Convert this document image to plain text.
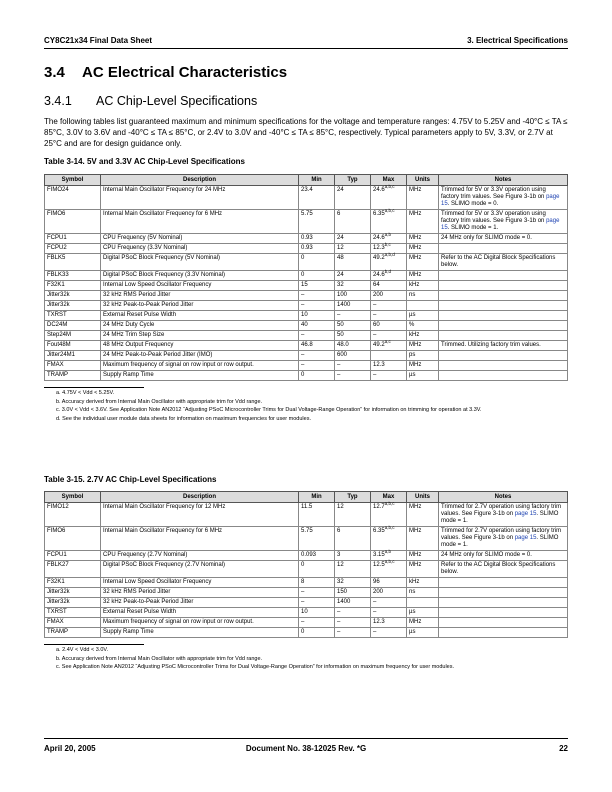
CY8C21x34 Final Data Sheet	3. Electrical Specifications
3.4 AC Electrical Characteristics
3.4.1 AC Chip-Level Specifications
The following tables list guaranteed maximum and minimum specifications for the voltage and temperature ranges: 4.75V to 5.25V and -40°C ≤ TA ≤ 85°C, 3.0V to 3.6V and -40°C ≤ TA ≤ 85°C, or 2.4V to 3.0V and -40°C ≤ TA ≤ 85°C, respectively. Typical parameters apply to 5V, 3.3V, or 2.7V at 25°C and are for design guidance only.
Table 3-14. 5V and 3.3V AC Chip-Level Specifications
Symbol	Description	Min	Typ	Max	Units	Notes
FIMO24	Internal Main Oscillator Frequency for 24 MHz	23.4	24	24.6$^{a,b,c}$	MHz	Trimmed for 5V or 3.3V operation using factory trim values. See Figure 3-1b on page 15. SLIMO mode = 0.
FIMO6	Internal Main Oscillator Frequency for 6 MHz	5.75	6	6.35$^{a,b,c}$	MHz	Trimmed for 5V or 3.3V operation using factory trim values. See Figure 3-1b on page 15. SLIMO mode = 1.
FCPU1	CPU Frequency (5V Nominal)	0.93	24	24.6$^{a,b}$	MHz	24 MHz only for SLIMO mode = 0.
FCPU2	CPU Frequency (3.3V Nominal)	0.93	12	12.3$^{b,c}$	MHz	
FBLK5	Digital PSoC Block Frequency (5V Nominal)	0	48	49.2$^{a,b,d}$	MHz	Refer to the AC Digital Block Specifications below.
FBLK33	Digital PSoC Block Frequency (3.3V Nominal)	0	24	24.6$^{b,d}$	MHz	
F32K1	Internal Low Speed Oscillator Frequency	15	32	64	kHz	
Jitter32k	32 kHz RMS Period Jitter	–	100	200	ns	
Jitter32k	32 kHz Peak-to-Peak Period Jitter	–	1400	–		
TXRST	External Reset Pulse Width	10	–	–	µs	
DC24M	24 MHz Duty Cycle	40	50	60	%	
Step24M	24 MHz Trim Step Size	–	50	–	kHz	
Fout48M	48 MHz Output Frequency	46.8	48.0	49.2$^{a,c}$	MHz	Trimmed. Utilizing factory trim values.
Jitter24M1	24 MHz Peak-to-Peak Period Jitter (IMO)	–	600		ps	
FMAX	Maximum frequency of signal on row input or row output.	–	–	12.3	MHz	
TRAMP	Supply Ramp Time	0	–	–	µs	
a. 4.75V < Vdd < 5.25V.
b. Accuracy derived from Internal Main Oscillator with appropriate trim for Vdd range.
c. 3.0V < Vdd < 3.6V. See Application Note AN2012 “Adjusting PSoC Microcontroller Trims for Dual Voltage-Range Operation” for information on trimming for operation at 3.3V.
d. See the individual user module data sheets for information on maximum frequencies for user modules.
Table 3-15. 2.7V AC Chip-Level Specifications
Symbol	Description	Min	Typ	Max	Units	Notes
FIMO12	Internal Main Oscillator Frequency for 12 MHz	11.5	12	12.7$^{a,b,c}$	MHz	Trimmed for 2.7V operation using factory trim values. See Figure 3-1b on page 15. SLIMO mode = 1.
FIMO6	Internal Main Oscillator Frequency for 6 MHz	5.75	6	6.35$^{a,b,c}$	MHz	Trimmed for 2.7V operation using factory trim values. See Figure 3-1b on page 15. SLIMO mode = 1.
FCPU1	CPU Frequency (2.7V Nominal)	0.093	3	3.15$^{a,b}$	MHz	24 MHz only for SLIMO mode = 0.
FBLK27	Digital PSoC Block Frequency (2.7V Nominal)	0	12	12.5$^{a,b,c}$	MHz	Refer to the AC Digital Block Specifications below.
F32K1	Internal Low Speed Oscillator Frequency	8	32	96	kHz	
Jitter32k	32 kHz RMS Period Jitter	–	150	200	ns	
Jitter32k	32 kHz Peak-to-Peak Period Jitter	–	1400	–		
TXRST	External Reset Pulse Width	10	–	–	µs	
FMAX	Maximum frequency of signal on row input or row output.	–	–	12.3	MHz	
TRAMP	Supply Ramp Time	0	–	–	µs	
a. 2.4V < Vdd < 3.0V.
b. Accuracy derived from Internal Main Oscillator with appropriate trim for Vdd range.
c. See Application Note AN2012 “Adjusting PSoC Microcontroller Trims for Dual Voltage-Range Operation” for information on maximum frequency for user modules.
April 20, 2005	Document No. 38-12025 Rev. *G	22
